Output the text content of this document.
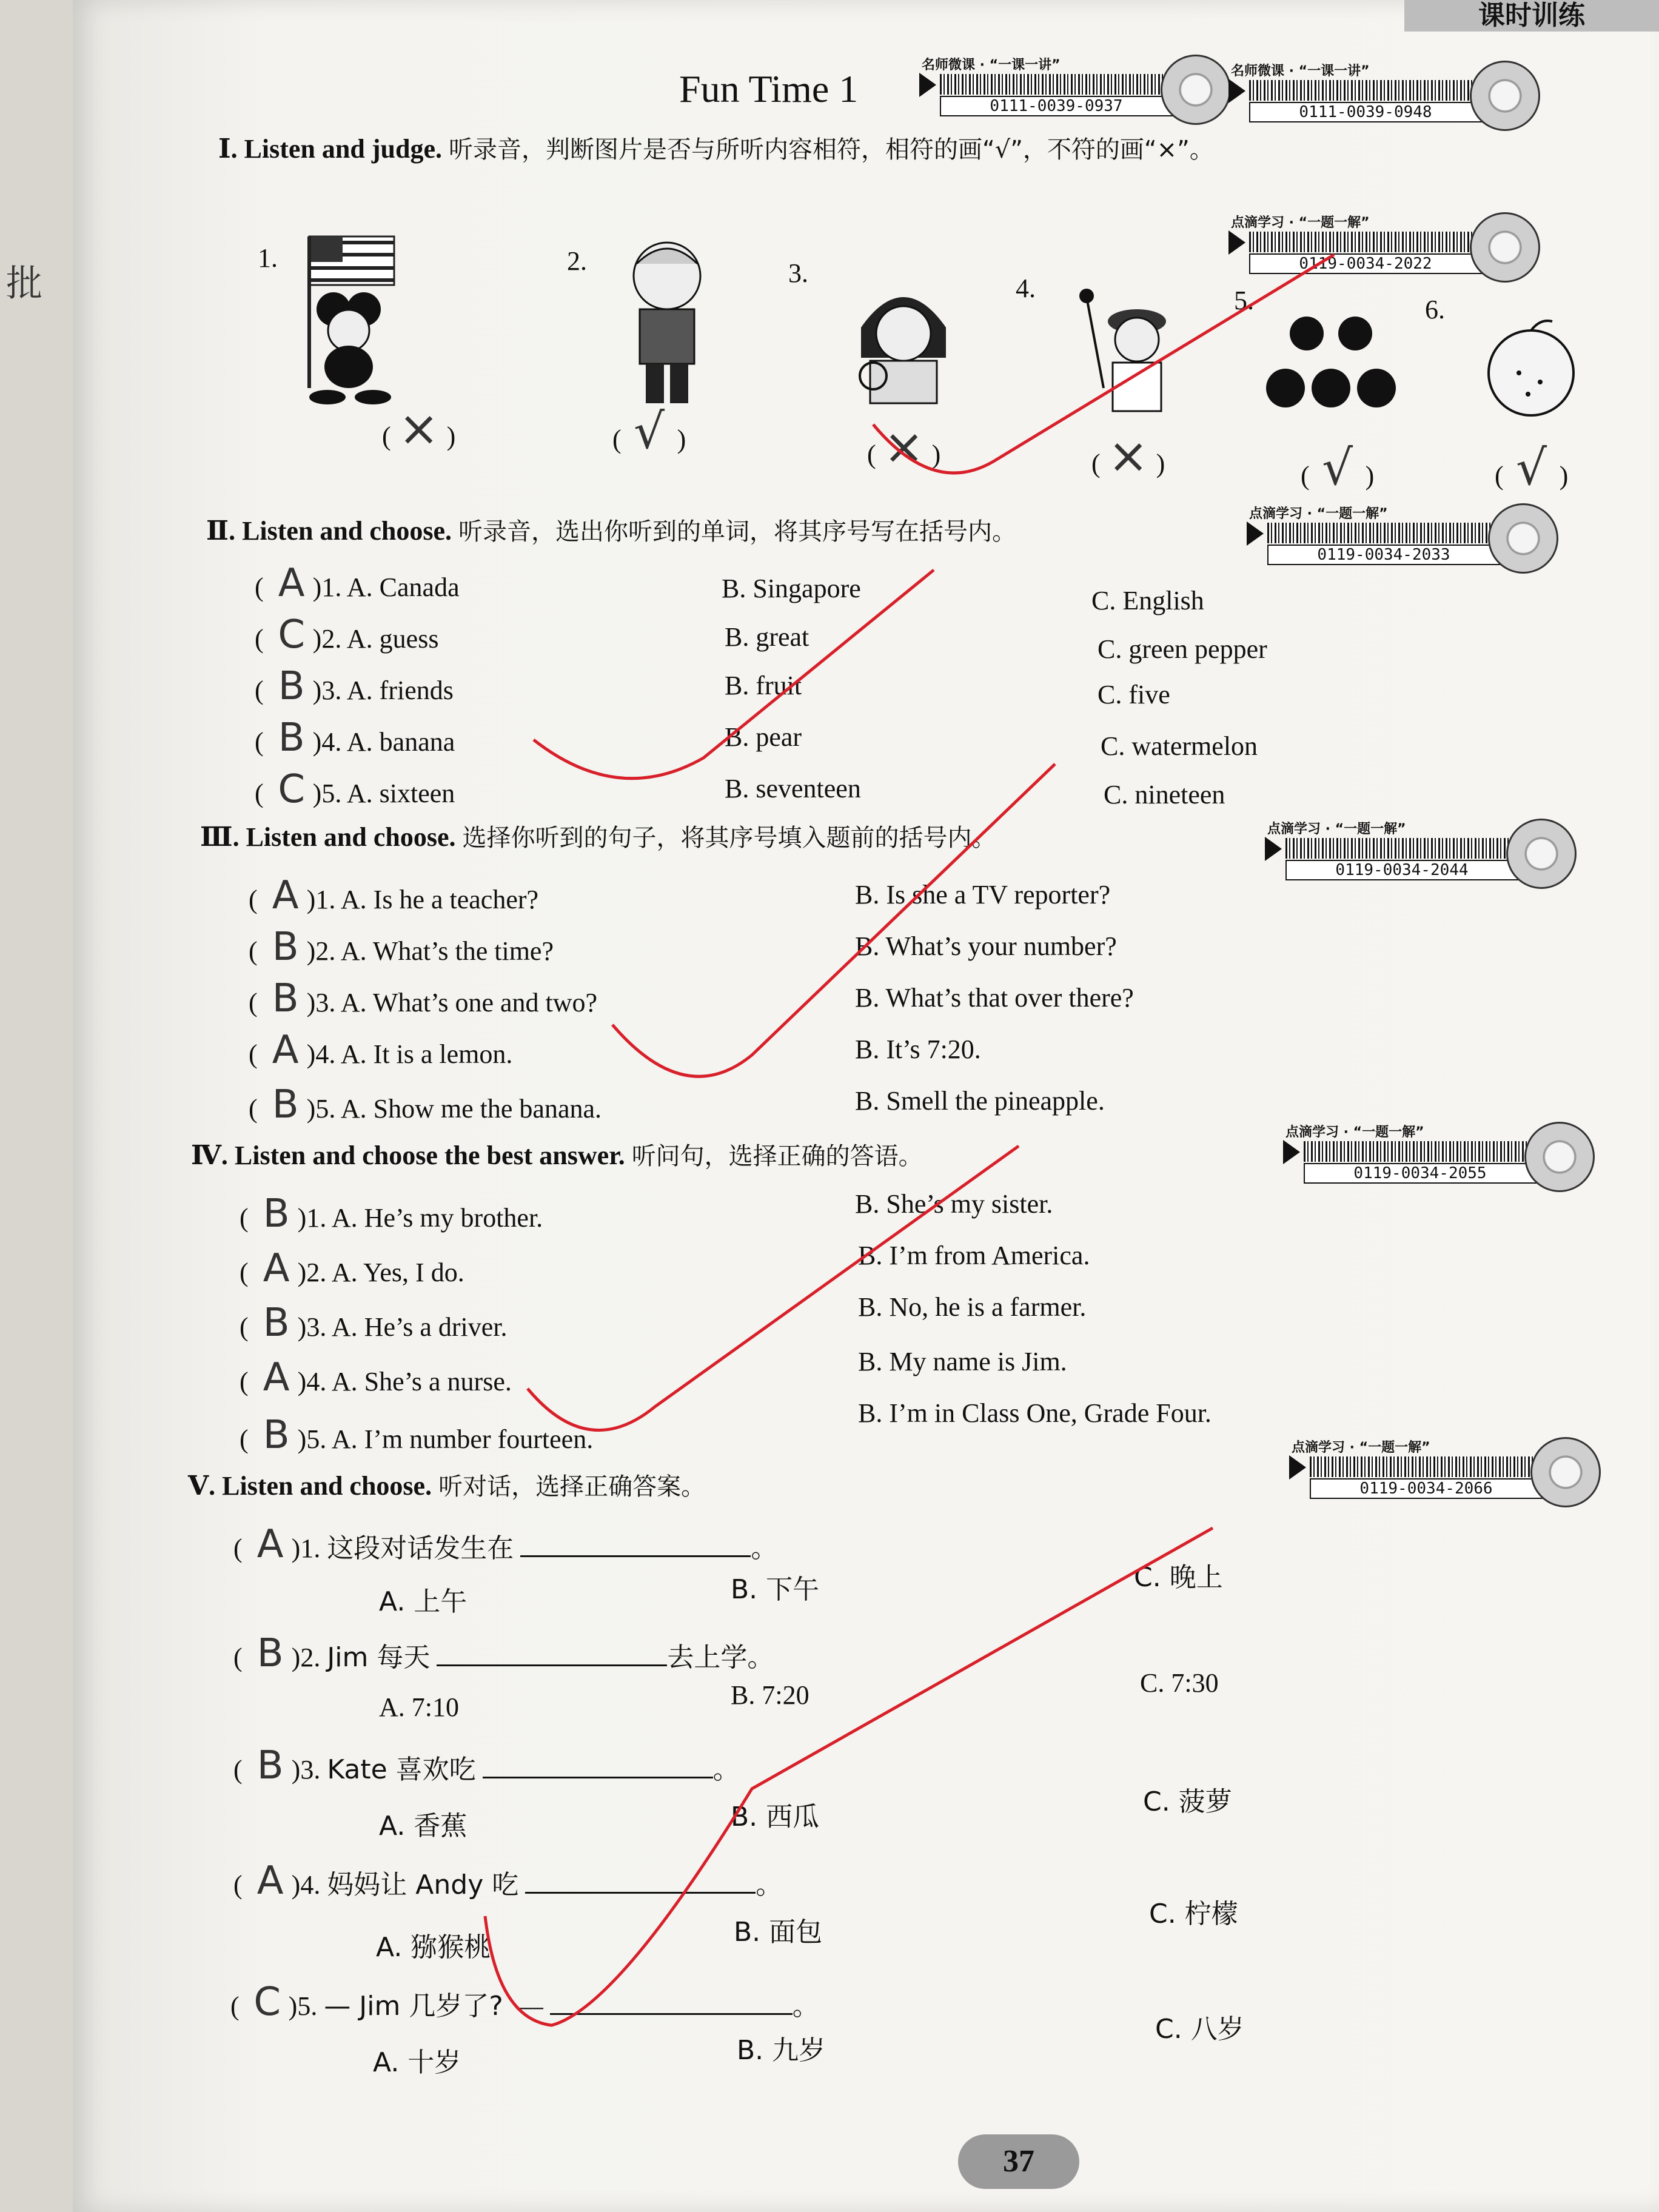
课时训练
Fun Time 1
名师微课 · “一课一讲”
0111-0039-0937
名师微课 · “一课一讲”
0111-0039-0948
点滴学习 · “一题一解”
0119-0034-2022
点滴学习 · “一题一解”
0119-0034-2033
点滴学习 · “一题一解”
0119-0034-2044
点滴学习 · “一题一解”
0119-0034-2055
点滴学习 · “一题一解”
0119-0034-2066
Ⅰ. Listen and judge. 听录音，判断图片是否与所听内容相符，相符的画“√”，不符的画“×”。
1.	2.	3.
4.	5.	6.
( × )	( √ )
( × )	( × )	( √ )	( √ )
Ⅱ. Listen and choose. 听录音，选出你听到的单词，将其序号写在括号内。
( A )1. A. Canada	B. Singapore	C. English
( C )2. A. guess	B. great	C. green pepper
( B )3. A. friends	B. fruit	C. five
( B )4. A. banana	B. pear	C. watermelon
( C )5. A. sixteen	B. seventeen	C. nineteen
Ⅲ. Listen and choose. 选择你听到的句子，将其序号填入题前的括号内。
( A )1. A. Is he a teacher?	B. Is she a TV reporter?
( B )2. A. What’s the time?	B. What’s your number?
( B )3. A. What’s one and two?	B. What’s that over there?
( A )4. A. It is a lemon.	B. It’s 7:20.
( B )5. A. Show me the banana.	B. Smell the pineapple.
Ⅳ. Listen and choose the best answer. 听问句，选择正确的答语。
( B )1. A. He’s my brother.	B. She’s my sister.
( A )2. A. Yes, I do.
B. I’m from America.
( B )3. A. He’s a driver.
B. No, he is a farmer.
( A )4. A. She’s a nurse.
B. My name is Jim.
( B )5. A. I’m number fourteen.
B. I’m in Class One, Grade Four.
Ⅴ. Listen and choose. 听对话，选择正确答案。
( A )1. 这段对话发生在	。
A. 上午	B. 下午	C. 晚上
( B )2. Jim 每天	去上学。
A. 7:10	B. 7:20	C. 7:30
( B )3. Kate 喜欢吃	。
A. 香蕉	B. 西瓜	C. 菠萝
( A )4. 妈妈让 Andy 吃	。
A. 猕猴桃	B. 面包
C. 柠檬
( C )5. — Jim 几岁了? —	。
A. 十岁	B. 九岁
C. 八岁
批
37
